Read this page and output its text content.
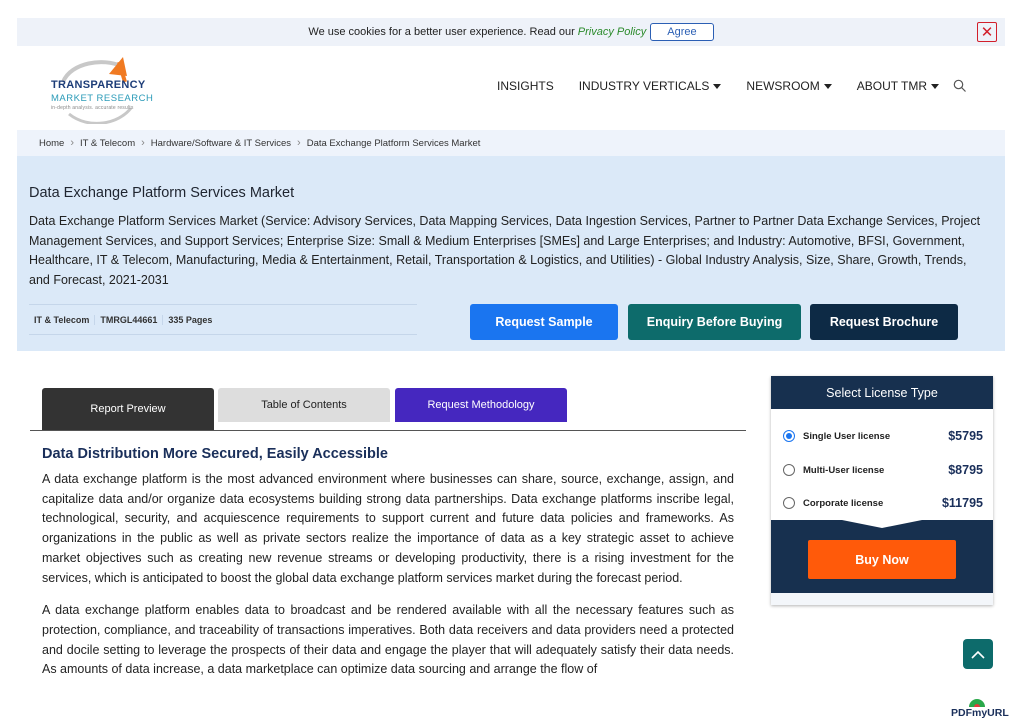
We use cookies for a better user experience. Read our Privacy Policy	Agree	✕
TRANSPARENCY
MARKET RESEARCH
in-depth analysis. accurate results
INSIGHTS INDUSTRY VERTICALS	NEWSROOM	ABOUT TMR
Home › IT & Telecom › Hardware/Software & IT Services › Data Exchange Platform Services Market
Data Exchange Platform Services Market

Data Exchange Platform Services Market (Service: Advisory Services, Data Mapping Services, Data Ingestion Services, Partner to Partner Data Exchange Services, Project Management Services, and Support Services; Enterprise Size: Small & Medium Enterprises [SMEs] and Large Enterprises; and Industry: Automotive, BFSI, Government, Healthcare, IT & Telecom, Manufacturing, Media & Entertainment, Retail, Transportation & Logistics, and Utilities) - Global Industry Analysis, Size, Share, Growth, Trends, and Forecast, 2021-2031

IT & Telecom	TMRGL44661	335 Pages	Request Sample	Enquiry Before Buying	Request Brochure
Report Preview	Table of Contents	Request Methodology
Data Distribution More Secured, Easily Accessible

A data exchange platform is the most advanced environment where businesses can share, source, exchange, assign, and capitalize data and/or organize data ecosystems building strong data partnerships. Data exchange platforms inscribe legal, technological, security, and acquiescence requirements to support current and future data policies and frameworks. As organizations in the public as well as private sectors realize the importance of data as a key strategic asset to achieve market objectives such as creating new revenue streams or developing productivity, there is a rising investment for the services, which is anticipated to boost the global data exchange platform services market during the forecast period.

A data exchange platform enables data to broadcast and be rendered available with all the necessary features such as protection, compliance, and traceability of transactions imperatives. Both data receivers and data providers need a protected and docile setting to leverage the prospects of their data and engage the player that will adequately satisfy their data needs. As amounts of data increase, a data marketplace can optimize data sourcing and arrange the flow of

Select License Type
Single User license	$5795
Multi-User license	$8795
Corporate license	$11795
Buy Now
PDFmyURL
